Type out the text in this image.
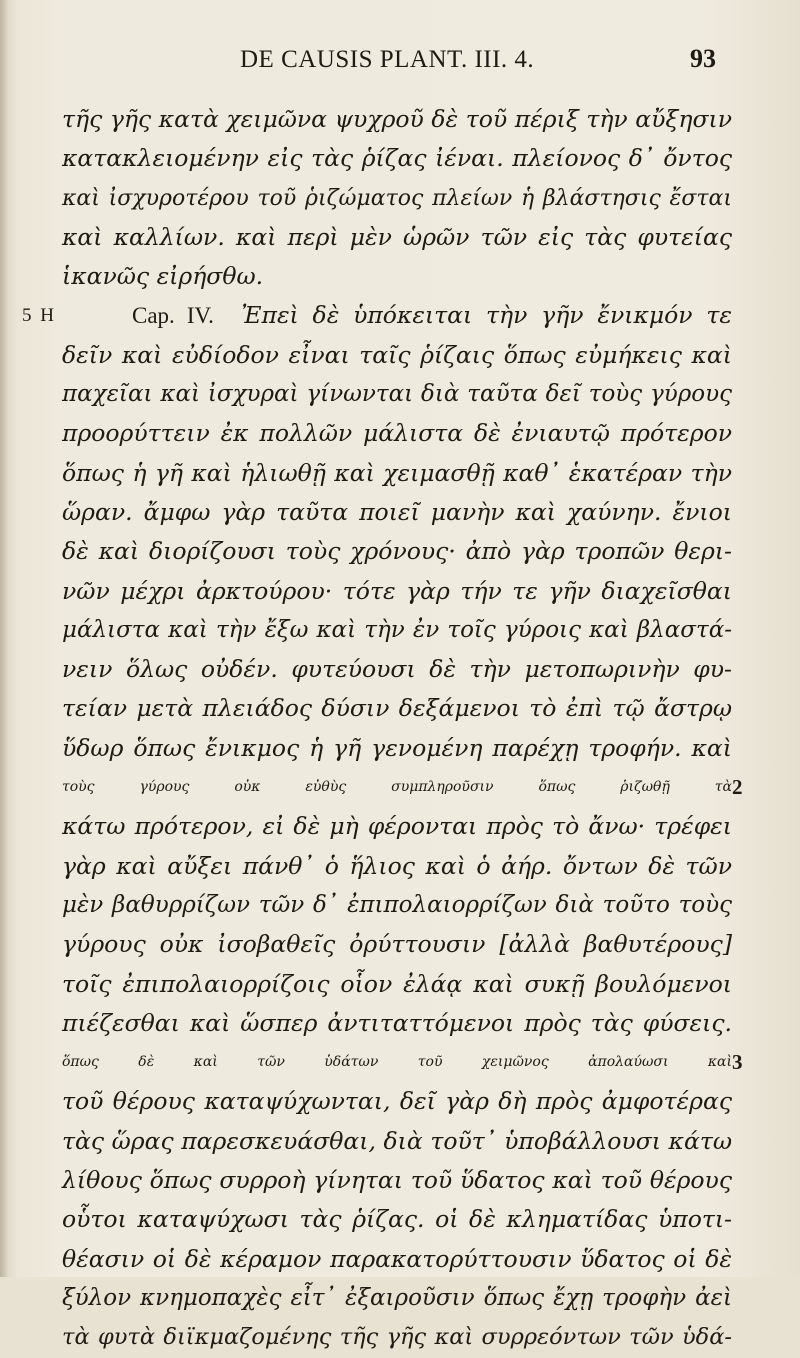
DE CAUSIS PLANT. III. 4.	93
τῆς γῆς κατὰ χειμῶνα ψυχροῦ δὲ τοῦ πέριξ τὴν αὔξησιν
κατακλειομένην εἰς τὰς ῥίζας ἰέναι. πλείονος δ᾽ ὄντος
καὶ ἰσχυροτέρου τοῦ ῥιζώματος πλείων ἡ βλάστησις ἔσται
καὶ καλλίων. καὶ περὶ μὲν ὡρῶν τῶν εἰς τὰς φυτείας
ἱκανῶς εἰρήσθω.
5 H	Cap. IV. Ἐπεὶ δὲ ὑπόκειται τὴν γῆν ἔνικμόν τε
δεῖν καὶ εὐδίοδον εἶναι ταῖς ῥίζαις ὅπως εὐμήκεις καὶ
παχεῖαι καὶ ἰσχυραὶ γίνωνται διὰ ταῦτα δεῖ τοὺς γύρους
προορύττειν ἐκ πολλῶν μάλιστα δὲ ἐνιαυτῷ πρότερον
ὅπως ἡ γῆ καὶ ἡλιωθῇ καὶ χειμασθῇ καθ᾽ ἑκατέραν τὴν
ὥραν. ἄμφω γὰρ ταῦτα ποιεῖ μανὴν καὶ χαύνην. ἔνιοι
δὲ καὶ διορίζουσι τοὺς χρόνους· ἀπὸ γὰρ τροπῶν θερι-
νῶν μέχρι ἀρκτούρου· τότε γὰρ τήν τε γῆν διαχεῖσθαι
μάλιστα καὶ τὴν ἔξω καὶ τὴν ἐν τοῖς γύροις καὶ βλαστά-
νειν ὅλως οὐδέν. φυτεύουσι δὲ τὴν μετοπωρινὴν φυ-
τείαν μετὰ πλειάδος δύσιν δεξάμενοι τὸ ἐπὶ τῷ ἄστρῳ
ὕδωρ ὅπως ἔνικμος ἡ γῆ γενομένη παρέχῃ τροφήν. καὶ
τοὺς γύρους οὐκ εὐθὺς συμπληροῦσιν ὅπως ῥιζωθῇ τὰ 2
κάτω πρότερον, εἰ δὲ μὴ φέρονται πρὸς τὸ ἄνω· τρέφει
γὰρ καὶ αὔξει πάνθ᾽ ὁ ἥλιος καὶ ὁ ἀήρ. ὄντων δὲ τῶν
μὲν βαθυρρίζων τῶν δ᾽ ἐπιπολαιορρίζων διὰ τοῦτο τοὺς
γύρους οὐκ ἰσοβαθεῖς ὀρύττουσιν [ἀλλὰ βαθυτέρους]
τοῖς ἐπιπολαιορρίζοις οἷον ἐλάᾳ καὶ συκῇ βουλόμενοι
πιέζεσθαι καὶ ὥσπερ ἀντιταττόμενοι πρὸς τὰς φύσεις.
ὅπως δὲ καὶ τῶν ὑδάτων τοῦ χειμῶνος ἀπολαύωσι καὶ 3
τοῦ θέρους καταψύχωνται, δεῖ γὰρ δὴ πρὸς ἀμφοτέρας
τὰς ὥρας παρεσκευάσθαι, διὰ τοῦτ᾽ ὑποβάλλουσι κάτω
λίθους ὅπως συρροὴ γίνηται τοῦ ὕδατος καὶ τοῦ θέρους
οὗτοι καταψύχωσι τὰς ῥίζας. οἱ δὲ κληματίδας ὑποτι-
θέασιν οἱ δὲ κέραμον παρακατορύττουσιν ὕδατος οἱ δὲ
ξύλον κνημοπαχὲς εἶτ᾽ ἐξαιροῦσιν ὅπως ἔχῃ τροφὴν ἀεὶ
τὰ φυτὰ διϊκμαζομένης τῆς γῆς καὶ συρρεόντων τῶν ὑδά-
